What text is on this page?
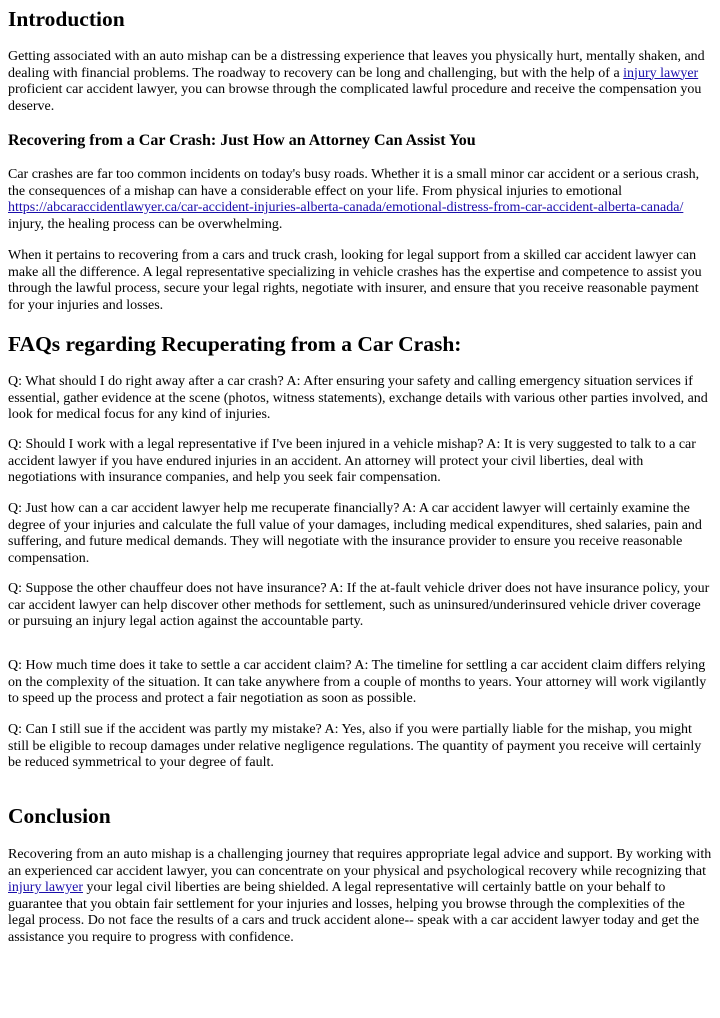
Introduction

Getting associated with an auto mishap can be a distressing experience that leaves you physically hurt, mentally shaken, and dealing with financial problems. The roadway to recovery can be long and challenging, but with the help of a injury lawyer proficient car accident lawyer, you can browse through the complicated lawful procedure and receive the compensation you deserve.

Recovering from a Car Crash: Just How an Attorney Can Assist You

Car crashes are far too common incidents on today's busy roads. Whether it is a small minor car accident or a serious crash, the consequences of a mishap can have a considerable effect on your life. From physical injuries to emotional https://abcaraccidentlawyer.ca/car-accident-injuries-alberta-canada/emotional-distress-from-car-accident-alberta-canada/ injury, the healing process can be overwhelming.

When it pertains to recovering from a cars and truck crash, looking for legal support from a skilled car accident lawyer can make all the difference. A legal representative specializing in vehicle crashes has the expertise and competence to assist you through the lawful process, secure your legal rights, negotiate with insurer, and ensure that you receive reasonable payment for your injuries and losses.

FAQs regarding Recuperating from a Car Crash:

Q: What should I do right away after a car crash? A: After ensuring your safety and calling emergency situation services if essential, gather evidence at the scene (photos, witness statements), exchange details with various other parties involved, and look for medical focus for any kind of injuries.

Q: Should I work with a legal representative if I've been injured in a vehicle mishap? A: It is very suggested to talk to a car accident lawyer if you have endured injuries in an accident. An attorney will protect your civil liberties, deal with negotiations with insurance companies, and help you seek fair compensation.

Q: Just how can a car accident lawyer help me recuperate financially? A: A car accident lawyer will certainly examine the degree of your injuries and calculate the full value of your damages, including medical expenditures, shed salaries, pain and suffering, and future medical demands. They will negotiate with the insurance provider to ensure you receive reasonable compensation.

Q: Suppose the other chauffeur does not have insurance? A: If the at-fault vehicle driver does not have insurance policy, your car accident lawyer can help discover other methods for settlement, such as uninsured/underinsured vehicle driver coverage or pursuing an injury legal action against the accountable party.

Q: How much time does it take to settle a car accident claim? A: The timeline for settling a car accident claim differs relying on the complexity of the situation. It can take anywhere from a couple of months to years. Your attorney will work vigilantly to speed up the process and protect a fair negotiation as soon as possible.

Q: Can I still sue if the accident was partly my mistake? A: Yes, also if you were partially liable for the mishap, you might still be eligible to recoup damages under relative negligence regulations. The quantity of payment you receive will certainly be reduced symmetrical to your degree of fault.

Conclusion

Recovering from an auto mishap is a challenging journey that requires appropriate legal advice and support. By working with an experienced car accident lawyer, you can concentrate on your physical and psychological recovery while recognizing that injury lawyer your legal civil liberties are being shielded. A legal representative will certainly battle on your behalf to guarantee that you obtain fair settlement for your injuries and losses, helping you browse through the complexities of the legal process. Do not face the results of a cars and truck accident alone-- speak with a car accident lawyer today and get the assistance you require to progress with confidence.
